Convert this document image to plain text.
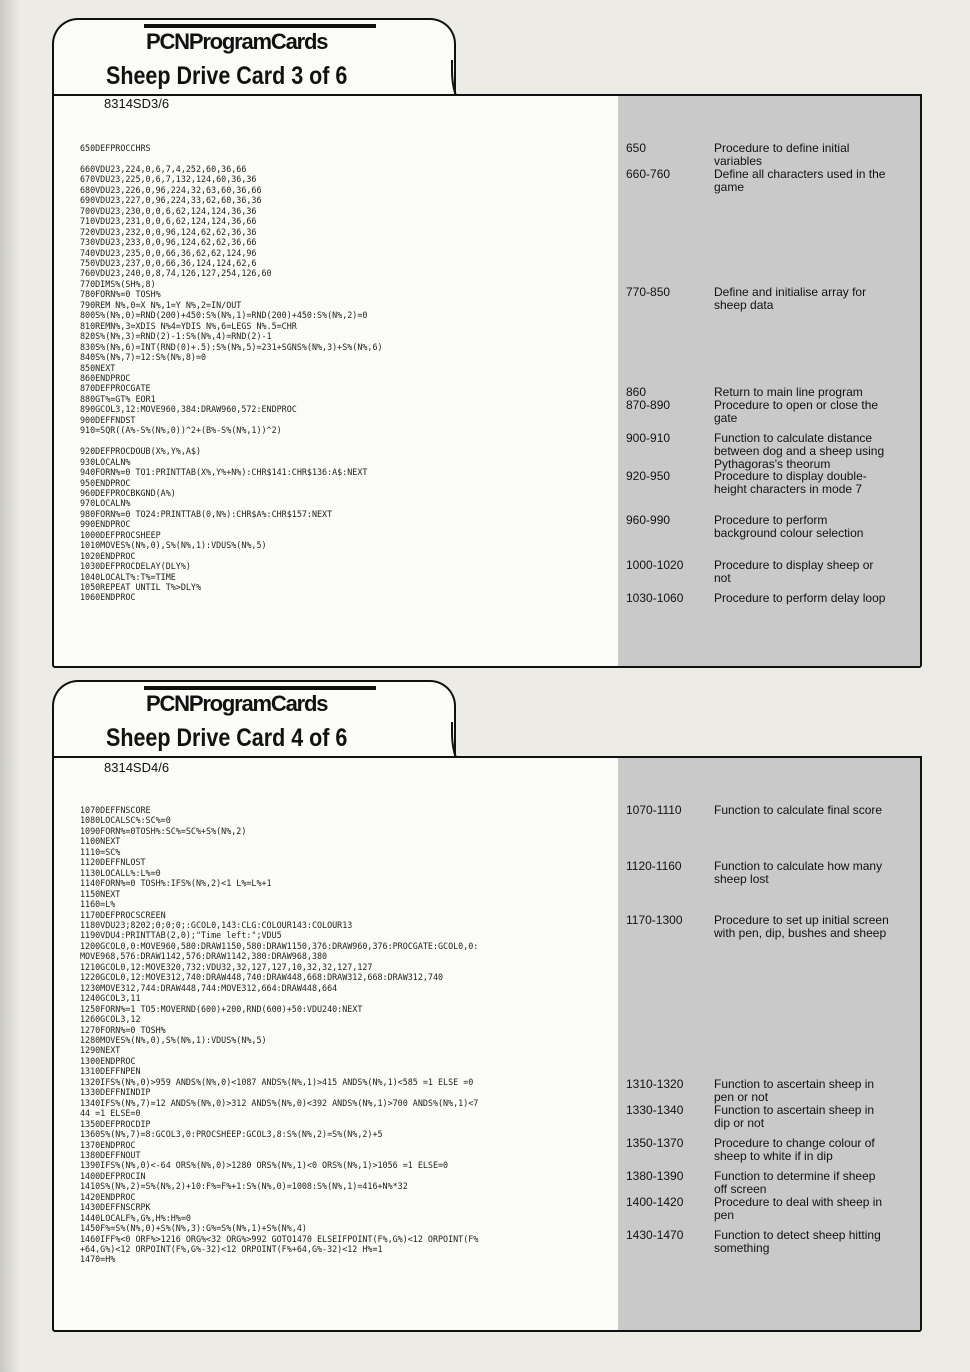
PCNProgramCards
Sheep Drive Card 3 of 6
8314SD3/6
650DEFPROCCHRS

660VDU23,224,0,6,7,4,252,60,36,66
670VDU23,225,0,6,7,132,124,60,36,36
680VDU23,226,0,96,224,32,63,60,36,66
690VDU23,227,0,96,224,33,62,60,36,36
700VDU23,230,0,0,6,62,124,124,36,36
710VDU23,231,0,0,6,62,124,124,36,66
720VDU23,232,0,0,96,124,62,62,36,36
730VDU23,233,0,0,96,124,62,62,36,66
740VDU23,235,0,0,66,36,62,62,124,96
750VDU23,237,0,0,66,36,124,124,62,6
760VDU23,240,0,8,74,126,127,254,126,60
770DIMS%(SH%,8)
780FORN%=0 TOSH%
790REM N%,0=X N%,1=Y N%,2=IN/OUT
800S%(N%,0)=RND(200)+450:S%(N%,1)=RND(200)+450:S%(N%,2)=0
810REMN%,3=XDIS N%4=YDIS N%,6=LEGS N%.5=CHR
820S%(N%,3)=RND(2)-1:S%(N%,4)=RND(2)-1
830S%(N%,6)=INT(RND(0)+.5):S%(N%,5)=231+SGNS%(N%,3)+S%(N%,6)
840S%(N%,7)=12:S%(N%,8)=0
850NEXT
860ENDPROC
870DEFPROCGATE
880GT%=GT% EOR1
890GCOL3,12:MOVE960,384:DRAW960,572:ENDPROC
900DEFFNDST
910=SQR((A%-S%(N%,0))^2+(B%-S%(N%,1))^2)

920DEFPROCDOUB(X%,Y%,A$)
930LOCALN%
940FORN%=0 TO1:PRINTTAB(X%,Y%+N%):CHR$141:CHR$136:A$:NEXT
950ENDPROC
960DEFPROCBKGND(A%)
970LOCALN%
980FORN%=0 TO24:PRINTTAB(0,N%):CHR$A%:CHR$157:NEXT
990ENDPROC
1000DEFPROCSHEEP
1010MOVES%(N%,0),S%(N%,1):VDUS%(N%,5)
1020ENDPROC
1030DEFPROCDELAY(DLY%)
1040LOCALT%:T%=TIME
1050REPEAT UNTIL T%>DLY%
1060ENDPROC

650	Procedure to define initial variables
660-760	Define all characters used in the game
770-850	Define and initialise array for sheep data
860	Return to main line program
870-890	Procedure to open or close the gate
900-910	Function to calculate distance between dog and a sheep using Pythagoras's theorum
920-950	Procedure to display double-height characters in mode 7
960-990	Procedure to perform background colour selection
1000-1020	Procedure to display sheep or not
1030-1060	Procedure to perform delay loop
PCNProgramCards
Sheep Drive Card 4 of 6
8314SD4/6
1070DEFFNSCORE
1080LOCALSC%:SC%=0
1090FORN%=0TOSH%:SC%=SC%+S%(N%,2)
1100NEXT
1110=SC%
1120DEFFNLOST
1130LOCALL%:L%=0
1140FORN%=0 TOSH%:IFS%(N%,2)<1 L%=L%+1
1150NEXT
1160=L%
1170DEFPROCSCREEN
1180VDU23;8202;0;0;0;:GCOL0,143:CLG:COLOUR143:COLOUR13
1190VDU4:PRINTTAB(2,0);"Time left:";VDU5
1200GCOL0,0:MOVE960,580:DRAW1150,580:DRAW1150,376:DRAW960,376:PROCGATE:GCOL0,0:
MOVE968,576:DRAW1142,576:DRAW1142,380:DRAW968,380
1210GCOL0,12:MOVE320,732:VDU32,32,127,127,10,32,32,127,127
1220GCOL0,12:MOVE312,740:DRAW448,740:DRAW448,668:DRAW312,668:DRAW312,740
1230MOVE312,744:DRAW448,744:MOVE312,664:DRAW448,664
1240GCOL3,11
1250FORN%=1 TO5:MOVERND(600)+200,RND(600)+50:VDU240:NEXT
1260GCOL3,12
1270FORN%=0 TOSH%
1280MOVES%(N%,0),S%(N%,1):VDUS%(N%,5)
1290NEXT
1300ENDPROC
1310DEFFNPEN
1320IFS%(N%,0)>959 ANDS%(N%,0)<1087 ANDS%(N%,1)>415 ANDS%(N%,1)<585 =1 ELSE =0
1330DEFFNINDIP
1340IFS%(N%,7)=12 ANDS%(N%,0)>312 ANDS%(N%,0)<392 ANDS%(N%,1)>700 ANDS%(N%,1)<7
44 =1 ELSE=0
1350DEFPROCDIP
1360S%(N%,7)=8:GCOL3,0:PROCSHEEP:GCOL3,8:S%(N%,2)=S%(N%,2)+5
1370ENDPROC
1380DEFFNOUT
1390IFS%(N%,0)<-64 ORS%(N%,0)>1280 ORS%(N%,1)<0 ORS%(N%,1)>1056 =1 ELSE=0
1400DEFPROCIN
1410S%(N%,2)=S%(N%,2)+10:F%=F%+1:S%(N%,0)=1008:S%(N%,1)=416+N%*32
1420ENDPROC
1430DEFFNSCRPK
1440LOCALF%,G%,H%:H%=0
1450F%=S%(N%,0)+S%(N%,3):G%=S%(N%,1)+S%(N%,4)
1460IFF%<0 ORF%>1216 ORG%<32 ORG%>992 GOTO1470 ELSEIFPOINT(F%,G%)<12 ORPOINT(F%
+64,G%)<12 ORPOINT(F%,G%-32)<12 ORPOINT(F%+64,G%-32)<12 H%=1
1470=H%

1070-1110	Function to calculate final score
1120-1160	Function to calculate how many sheep lost
1170-1300	Procedure to set up initial screen with pen, dip, bushes and sheep
1310-1320	Function to ascertain sheep in pen or not
1330-1340	Function to ascertain sheep in dip or not
1350-1370	Procedure to change colour of sheep to white if in dip
1380-1390	Function to determine if sheep off screen
1400-1420	Procedure to deal with sheep in pen
1430-1470	Function to detect sheep hitting something
